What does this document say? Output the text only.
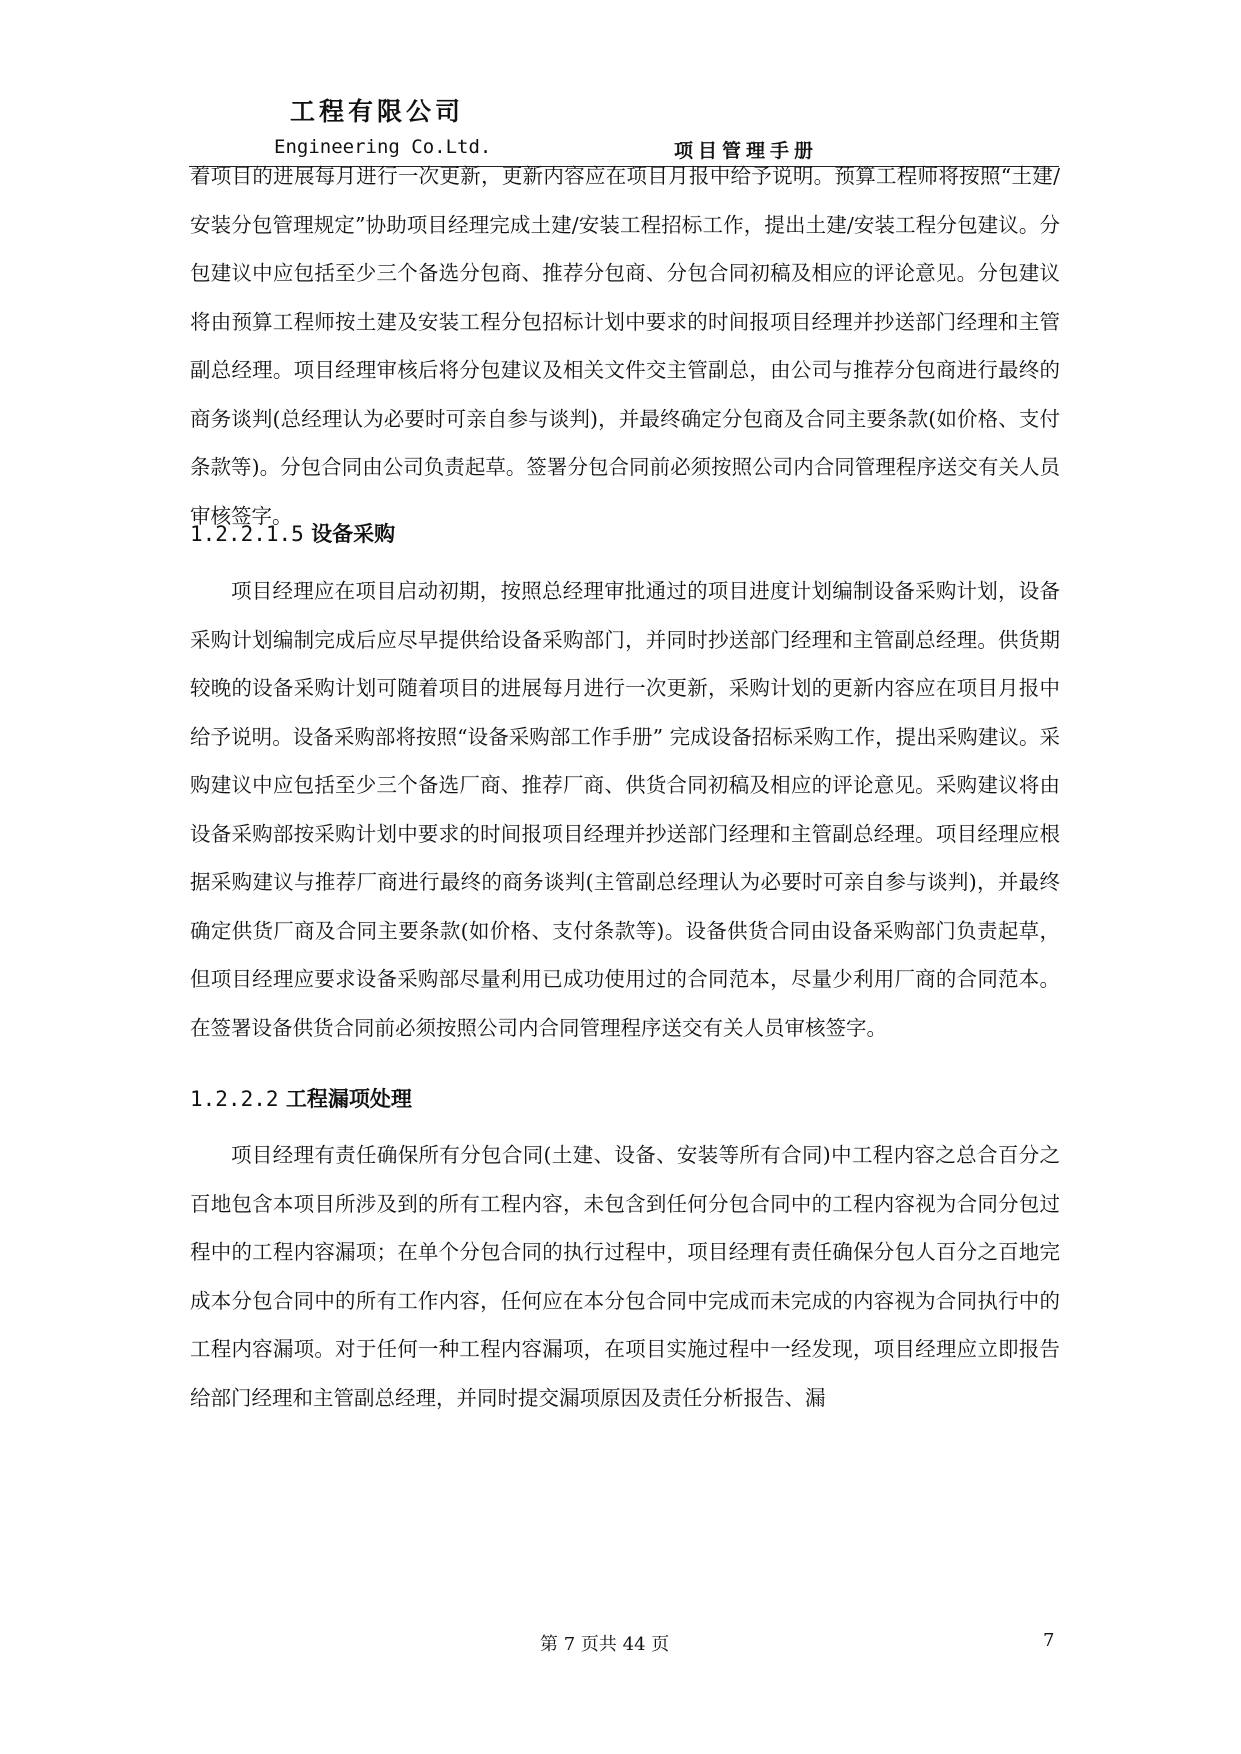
工程有限公司
Engineering Co.Ltd.	项目管理手册

着项目的进展每月进行一次更新，更新内容应在项目月报中给予说明。预算工程师将按照“土建/安装分包管理规定”协助项目经理完成土建/安装工程招标工作，提出土建/安装工程分包建议。分包建议中应包括至少三个备选分包商、推荐分包商、分包合同初稿及相应的评论意见。分包建议将由预算工程师按土建及安装工程分包招标计划中要求的时间报项目经理并抄送部门经理和主管副总经理。项目经理审核后将分包建议及相关文件交主管副总，由公司与推荐分包商进行最终的商务谈判(总经理认为必要时可亲自参与谈判)，并最终确定分包商及合同主要条款(如价格、支付条款等)。分包合同由公司负责起草。签署分包合同前必须按照公司内合同管理程序送交有关人员审核签字。

1.2.2.1.5 设备采购

项目经理应在项目启动初期，按照总经理审批通过的项目进度计划编制设备采购计划，设备采购计划编制完成后应尽早提供给设备采购部门，并同时抄送部门经理和主管副总经理。供货期较晚的设备采购计划可随着项目的进展每月进行一次更新，采购计划的更新内容应在项目月报中给予说明。设备采购部将按照“设备采购部工作手册” 完成设备招标采购工作，提出采购建议。采购建议中应包括至少三个备选厂商、推荐厂商、供货合同初稿及相应的评论意见。采购建议将由设备采购部按采购计划中要求的时间报项目经理并抄送部门经理和主管副总经理。项目经理应根据采购建议与推荐厂商进行最终的商务谈判(主管副总经理认为必要时可亲自参与谈判)，并最终确定供货厂商及合同主要条款(如价格、支付条款等)。设备供货合同由设备采购部门负责起草，但项目经理应要求设备采购部尽量利用已成功使用过的合同范本，尽量少利用厂商的合同范本。在签署设备供货合同前必须按照公司内合同管理程序送交有关人员审核签字。

1.2.2.2 工程漏项处理

项目经理有责任确保所有分包合同(土建、设备、安装等所有合同)中工程内容之总合百分之百地包含本项目所涉及到的所有工程内容，未包含到任何分包合同中的工程内容视为合同分包过程中的工程内容漏项；在单个分包合同的执行过程中，项目经理有责任确保分包人百分之百地完成本分包合同中的所有工作内容，任何应在本分包合同中完成而未完成的内容视为合同执行中的工程内容漏项。对于任何一种工程内容漏项，在项目实施过程中一经发现，项目经理应立即报告给部门经理和主管副总经理，并同时提交漏项原因及责任分析报告、漏

第 7 页共 44 页	7
